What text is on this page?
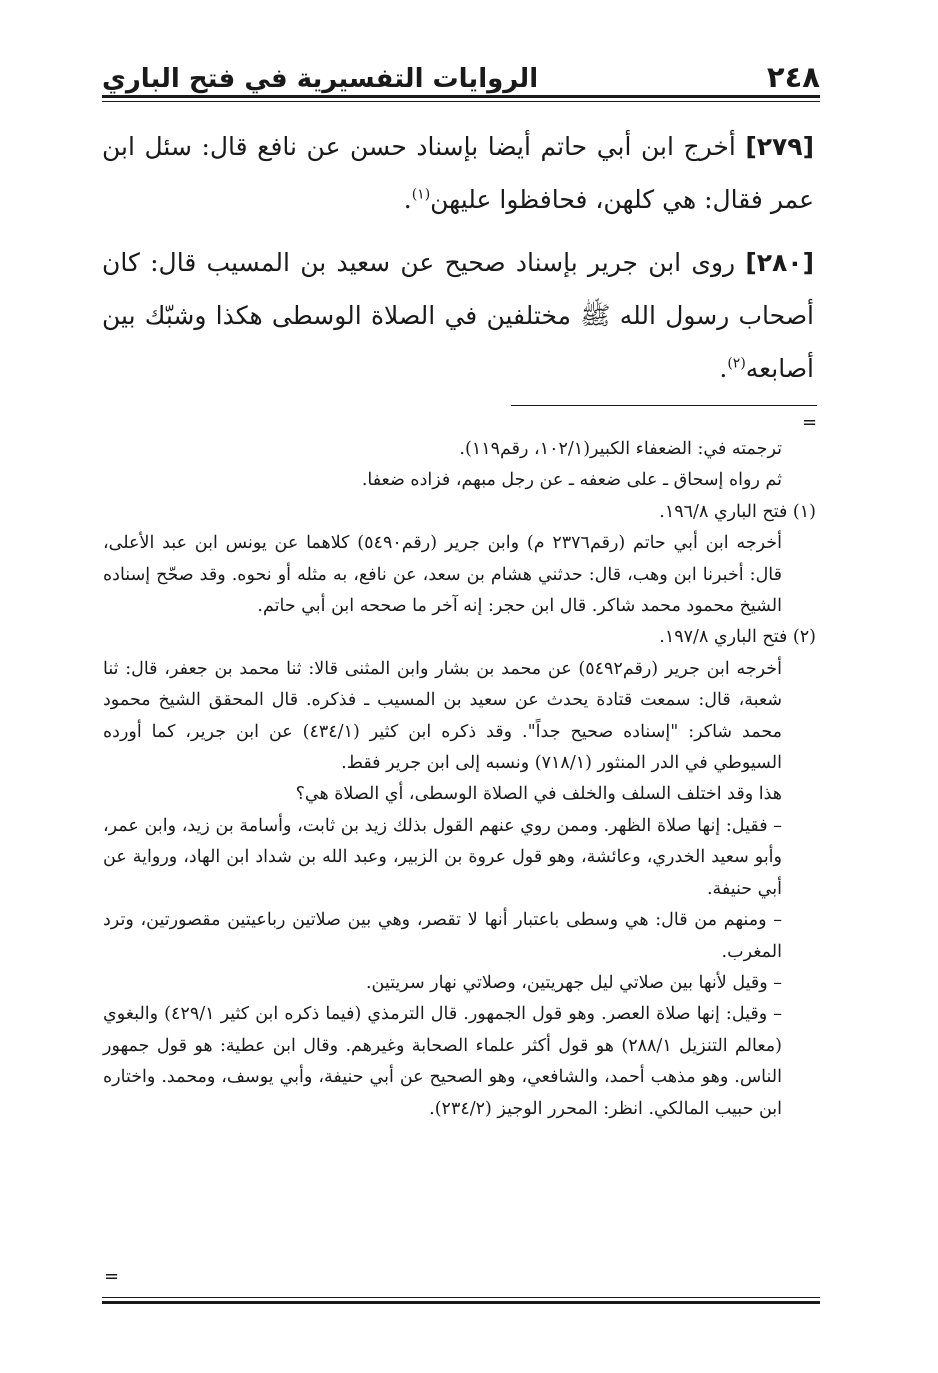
٢٤٨
الروايات التفسيرية في فتح الباري

[٢٧٩] أخرج ابن أبي حاتم أيضا بإسناد حسن عن نافع قال: سئل ابن عمر فقال: هي كلهن، فحافظوا عليهن$^{(١)}$.

[٢٨٠] روى ابن جرير بإسناد صحيح عن سعيد بن المسيب قال: كان أصحاب رسول الله ﷺ مختلفين في الصلاة الوسطى هكذا وشبّك بين أصابعه$^{(٢)}$.

=
ترجمته في: الضعفاء الكبير(١٠٢/١، رقم١١٩).
ثم رواه إسحاق ـ على ضعفه ـ عن رجل مبهم، فزاده ضعفا.
(١) فتح الباري ١٩٦/٨.
أخرجه ابن أبي حاتم (رقم٢٣٧٦ م) وابن جرير (رقم٥٤٩٠) كلاهما عن يونس ابن عبد الأعلى، قال: أخبرنا ابن وهب، قال: حدثني هشام بن سعد، عن نافع، به مثله أو نحوه. وقد صحّح إسناده الشيخ محمود محمد شاكر. قال ابن حجر: إنه آخر ما صححه ابن أبي حاتم.
(٢) فتح الباري ١٩٧/٨.
أخرجه ابن جرير (رقم٥٤٩٢) عن محمد بن بشار وابن المثنى قالا: ثنا محمد بن جعفر، قال: ثنا شعبة، قال: سمعت قتادة يحدث عن سعيد بن المسيب ـ فذكره. قال المحقق الشيخ محمود محمد شاكر: "إسناده صحيح جداً". وقد ذكره ابن كثير (٤٣٤/١) عن ابن جرير، كما أورده السيوطي في الدر المنثور (٧١٨/١) ونسبه إلى ابن جرير فقط.
هذا وقد اختلف السلف والخلف في الصلاة الوسطى، أي الصلاة هي؟
– فقيل: إنها صلاة الظهر. وممن روي عنهم القول بذلك زيد بن ثابت، وأسامة بن زيد، وابن عمر، وأبو سعيد الخدري، وعائشة، وهو قول عروة بن الزبير، وعبد الله بن شداد ابن الهاد، ورواية عن أبي حنيفة.
– ومنهم من قال: هي وسطى باعتبار أنها لا تقصر، وهي بين صلاتين رباعيتين مقصورتين، وترد المغرب.
– وقيل لأنها بين صلاتي ليل جهريتين، وصلاتي نهار سريتين.
– وقيل: إنها صلاة العصر. وهو قول الجمهور. قال الترمذي (فيما ذكره ابن كثير ٤٢٩/١) والبغوي (معالم التنزيل ٢٨٨/١) هو قول أكثر علماء الصحابة وغيرهم. وقال ابن عطية: هو قول جمهور الناس. وهو مذهب أحمد، والشافعي، وهو الصحيح عن أبي حنيفة، وأبي يوسف، ومحمد. واختاره ابن حبيب المالكي. انظر: المحرر الوجيز (٢٣٤/٢).
=
